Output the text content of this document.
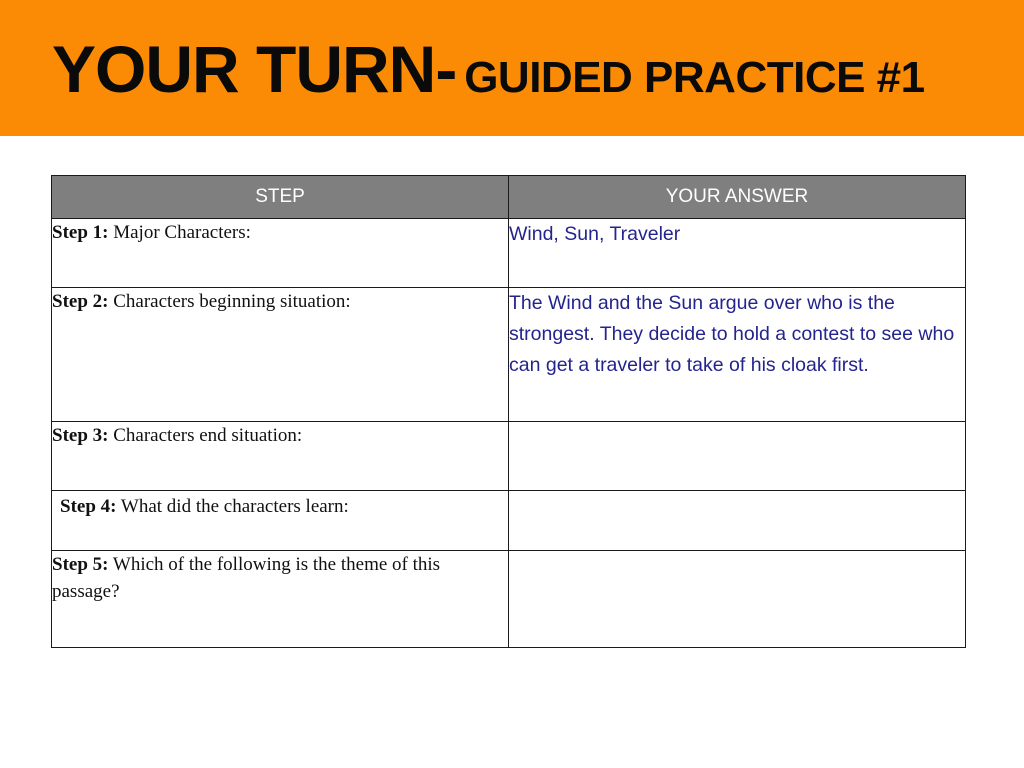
YOUR TURN- GUIDED PRACTICE #1
STEP	YOUR ANSWER
Step 1: Major Characters:	Wind, Sun, Traveler
Step 2: Characters beginning situation:	The Wind and the Sun argue over who is the strongest. They decide to hold a contest to see who can get a traveler to take of his cloak first.
Step 3: Characters end situation:	
Step 4: What did the characters learn:	
Step 5: Which of the following is the theme of this passage?	
